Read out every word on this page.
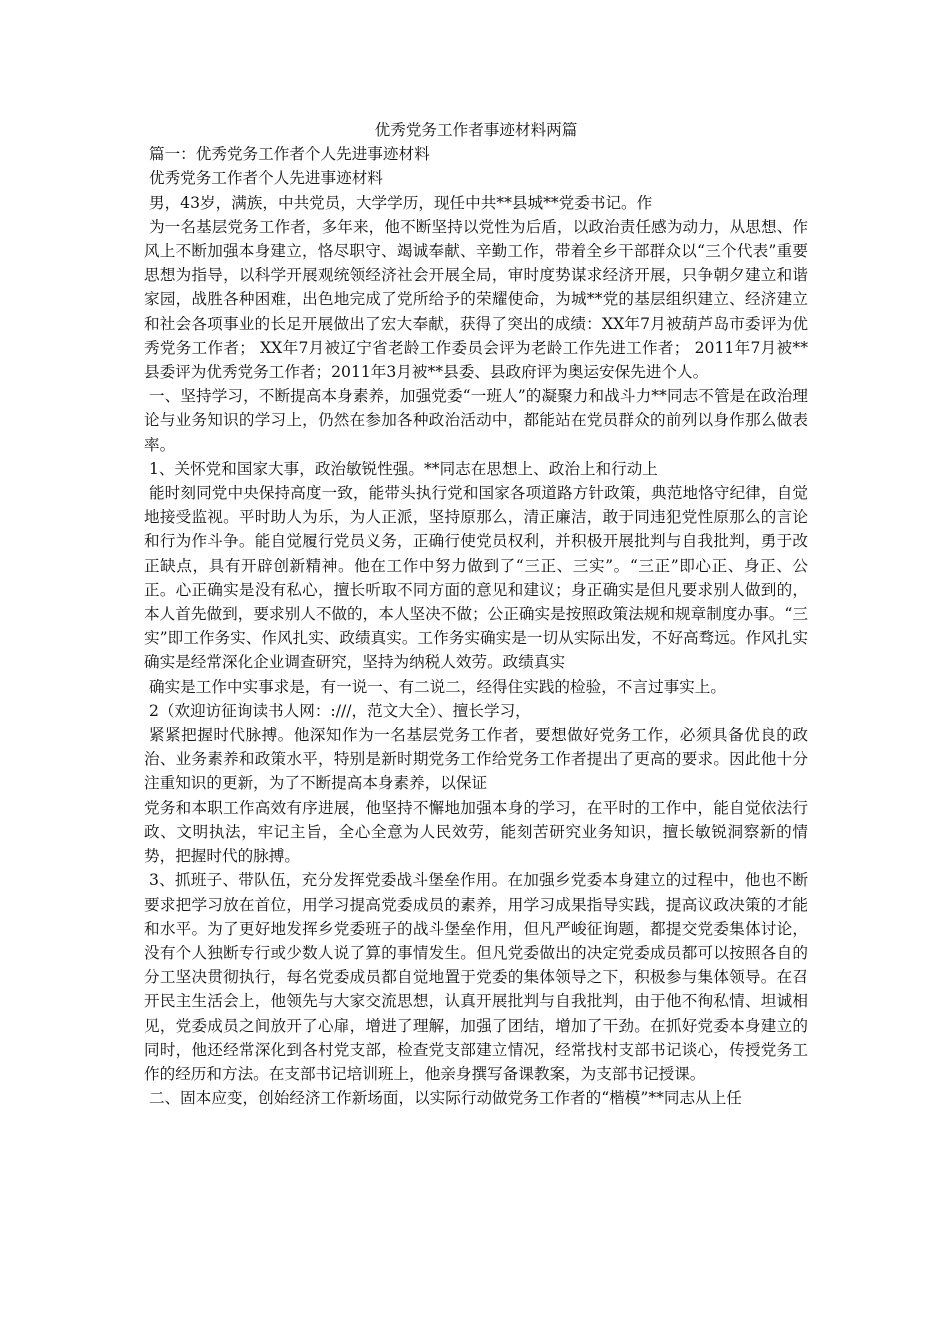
优秀党务工作者事迹材料两篇

篇一：优秀党务工作者个人先进事迹材料

优秀党务工作者个人先进事迹材料

男，43岁，满族，中共党员，大学学历，现任中共**县城**党委书记。作

为一名基层党务工作者，多年来，他不断坚持以党性为后盾，以政治责任感为动力，从思想、作风上不断加强本身建立，恪尽职守、竭诚奉献、辛勤工作，带着全乡干部群众以“三个代表”重要思想为指导，以科学开展观统领经济社会开展全局，审时度势谋求经济开展，只争朝夕建立和谐家园，战胜各种困难，出色地完成了党所给予的荣耀使命，为城**党的基层组织建立、经济建立和社会各项事业的长足开展做出了宏大奉献，获得了突出的成绩：XX年7月被葫芦岛市委评为优秀党务工作者； XX年7月被辽宁省老龄工作委员会评为老龄工作先进工作者； 2011年7月被**县委评为优秀党务工作者；2011年3月被**县委、县政府评为奥运安保先进个人。

一、坚持学习，不断提高本身素养，加强党委“一班人”的凝聚力和战斗力**同志不管是在政治理论与业务知识的学习上，仍然在参加各种政治活动中，都能站在党员群众的前列以身作那么做表率。

1、关怀党和国家大事，政治敏锐性强。**同志在思想上、政治上和行动上

能时刻同党中央保持高度一致，能带头执行党和国家各项道路方针政策，典范地恪守纪律，自觉地接受监视。平时助人为乐，为人正派，坚持原那么，清正廉洁，敢于同违犯党性原那么的言论和行为作斗争。能自觉履行党员义务，正确行使党员权利，并积极开展批判与自我批判，勇于改正缺点，具有开辟创新精神。他在工作中努力做到了“三正、三实”。“三正”即心正、身正、公正。心正确实是没有私心，擅长听取不同方面的意见和建议；身正确实是但凡要求别人做到的，本人首先做到，要求别人不做的，本人坚决不做；公正确实是按照政策法规和规章制度办事。“三实”即工作务实、作风扎实、政绩真实。工作务实确实是一切从实际出发，不好高骛远。作风扎实确实是经常深化企业调查研究，坚持为纳税人效劳。政绩真实

确实是工作中实事求是，有一说一、有二说二，经得住实践的检验，不言过事实上。

2（欢迎访征询读书人网：:///，范文大全）、擅长学习，

紧紧把握时代脉搏。他深知作为一名基层党务工作者，要想做好党务工作，必须具备优良的政治、业务素养和政策水平，特别是新时期党务工作给党务工作者提出了更高的要求。因此他十分注重知识的更新，为了不断提高本身素养，以保证

党务和本职工作高效有序进展，他坚持不懈地加强本身的学习，在平时的工作中，能自觉依法行政、文明执法，牢记主旨，全心全意为人民效劳，能刻苦研究业务知识，擅长敏锐洞察新的情势，把握时代的脉搏。

3、抓班子、带队伍，充分发挥党委战斗堡垒作用。在加强乡党委本身建立的过程中，他也不断要求把学习放在首位，用学习提高党委成员的素养，用学习成果指导实践，提高议政决策的才能和水平。为了更好地发挥乡党委班子的战斗堡垒作用，但凡严峻征询题，都提交党委集体讨论，没有个人独断专行或少数人说了算的事情发生。但凡党委做出的决定党委成员都可以按照各自的分工坚决贯彻执行，每名党委成员都自觉地置于党委的集体领导之下，积极参与集体领导。在召开民主生活会上，他领先与大家交流思想，认真开展批判与自我批判，由于他不徇私情、坦诚相见，党委成员之间放开了心扉，增进了理解，加强了团结，增加了干劲。在抓好党委本身建立的同时，他还经常深化到各村党支部，检查党支部建立情况，经常找村支部书记谈心，传授党务工作的经历和方法。在支部书记培训班上，他亲身撰写备课教案，为支部书记授课。

二、固本应变，创始经济工作新场面，以实际行动做党务工作者的“楷模”**同志从上任
